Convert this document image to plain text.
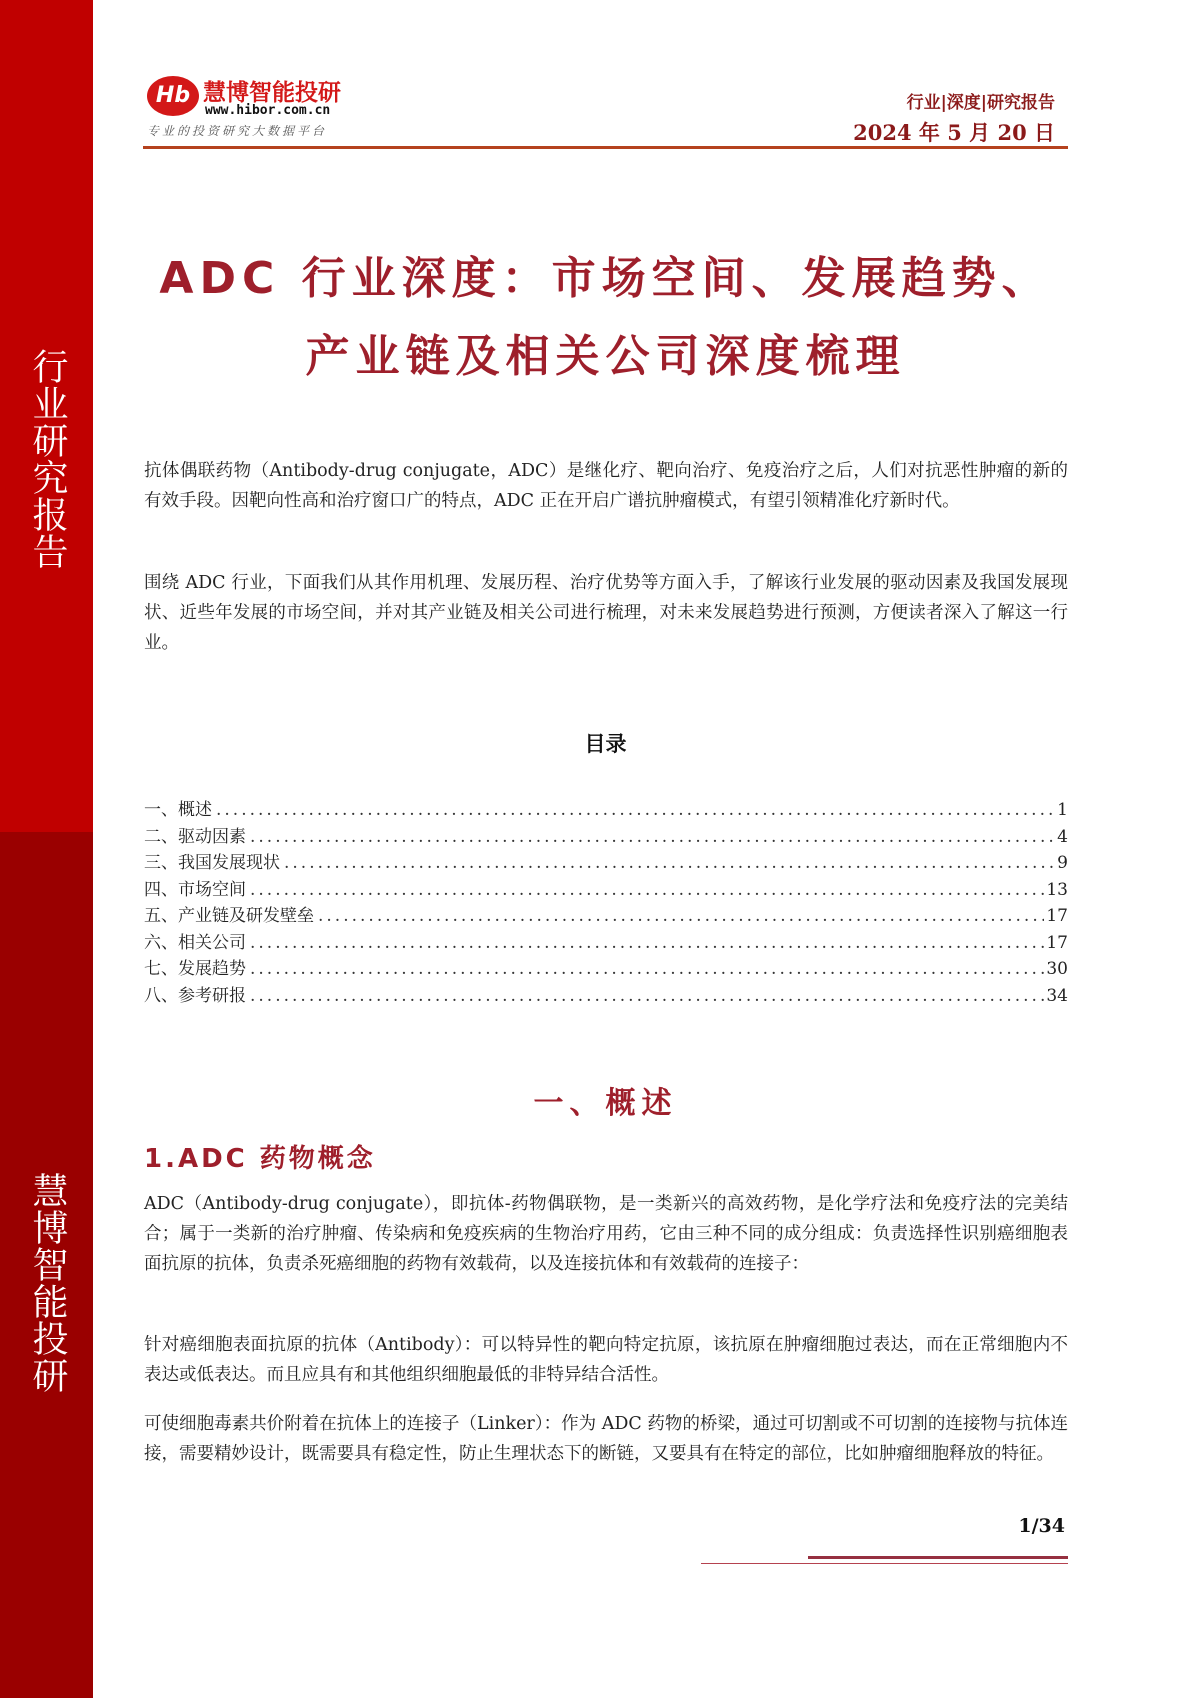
行业研究报告
慧博智能投研
Hb 慧博智能投研
www.hibor.com.cn
专业的投资研究大数据平台
行业|深度|研究报告
2024 年 5 月 20 日
ADC 行业深度：市场空间、发展趋势、产业链及相关公司深度梳理

抗体偶联药物（Antibody-drug conjugate，ADC）是继化疗、靶向治疗、免疫治疗之后，人们对抗恶性肿瘤的新的有效手段。因靶向性高和治疗窗口广的特点，ADC 正在开启广谱抗肿瘤模式，有望引领精准化疗新时代。

围绕 ADC 行业，下面我们从其作用机理、发展历程、治疗优势等方面入手，了解该行业发展的驱动因素及我国发展现状、近些年发展的市场空间，并对其产业链及相关公司进行梳理，对未来发展趋势进行预测，方便读者深入了解这一行业。

目录
一、概述 .....	1
二、驱动因素 .....	4
三、我国发展现状 .....	9
四、市场空间 .....	13
五、产业链及研发壁垒 .....	17
六、相关公司 .....	17
七、发展趋势 .....	30
八、参考研报 .....	34
一、概述
1.ADC 药物概念

ADC（Antibody-drug conjugate），即抗体-药物偶联物，是一类新兴的高效药物，是化学疗法和免疫疗法的完美结合；属于一类新的治疗肿瘤、传染病和免疫疾病的生物治疗用药，它由三种不同的成分组成：负责选择性识别癌细胞表面抗原的抗体，负责杀死癌细胞的药物有效载荷，以及连接抗体和有效载荷的连接子：

针对癌细胞表面抗原的抗体（Antibody）：可以特异性的靶向特定抗原，该抗原在肿瘤细胞过表达，而在正常细胞内不表达或低表达。而且应具有和其他组织细胞最低的非特异结合活性。

可使细胞毒素共价附着在抗体上的连接子（Linker）：作为 ADC 药物的桥梁，通过可切割或不可切割的连接物与抗体连接，需要精妙设计，既需要具有稳定性，防止生理状态下的断链，又要具有在特定的部位，比如肿瘤细胞释放的特征。

1/34
